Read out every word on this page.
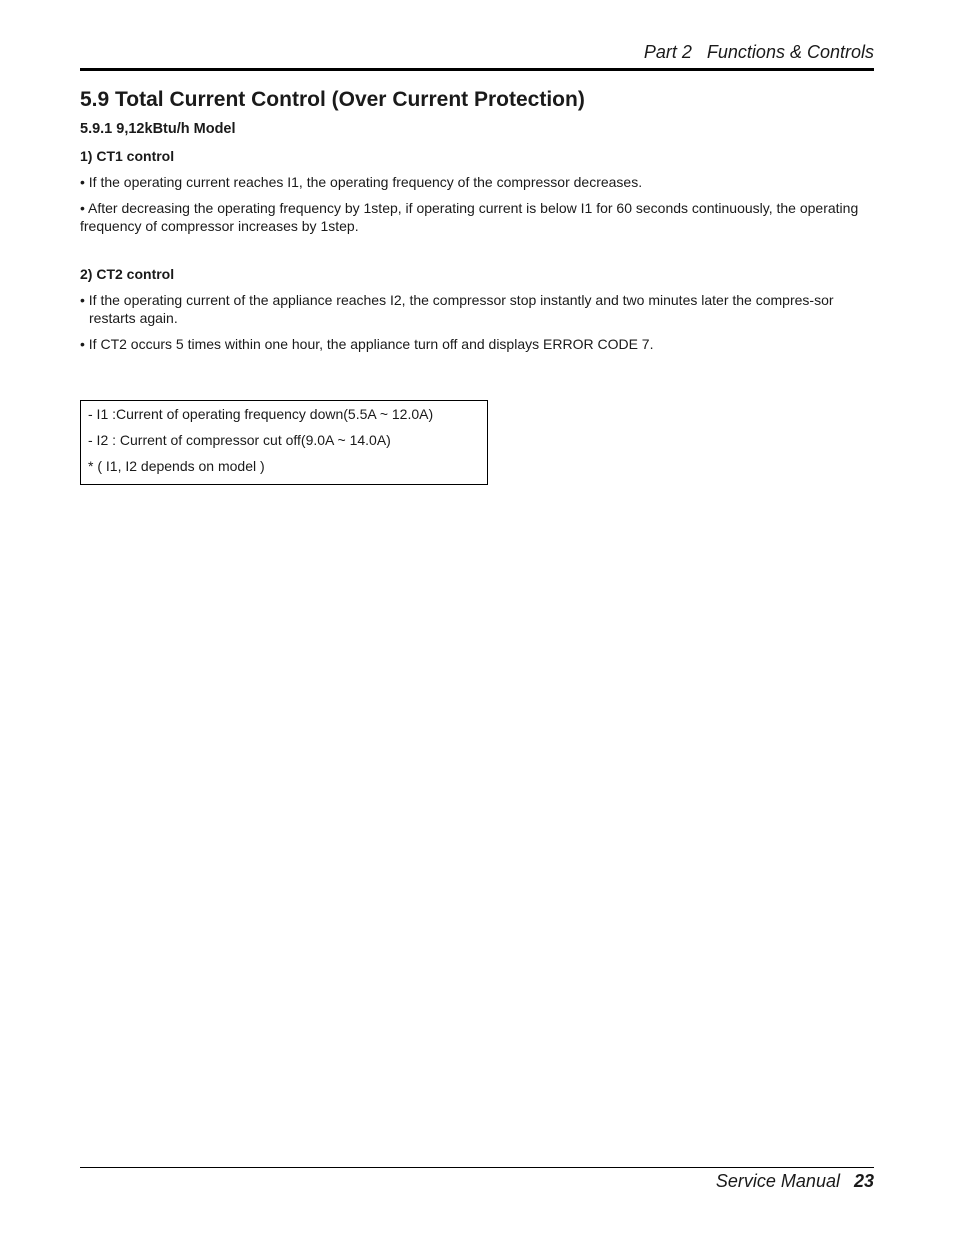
Part 2   Functions & Controls
5.9 Total Current Control (Over Current Protection)
5.9.1 9,12kBtu/h Model
1) CT1 control

• If the operating current reaches I1, the operating frequency of the compressor decreases.

• After decreasing the operating frequency by 1step, if operating current is below I1 for 60 seconds continuously, the operating frequency of compressor increases by 1step.

2) CT2 control

• If the operating current of the appliance reaches I2, the compressor stop instantly and two minutes later the compres-sor restarts again.

• If CT2 occurs 5 times within one hour, the appliance turn off and displays ERROR CODE 7.

- I1 :Current of operating frequency down(5.5A ~ 12.0A)

- I2 : Current of compressor cut off(9.0A ~ 14.0A)

* ( I1, I2 depends on model )

Service Manual 23
